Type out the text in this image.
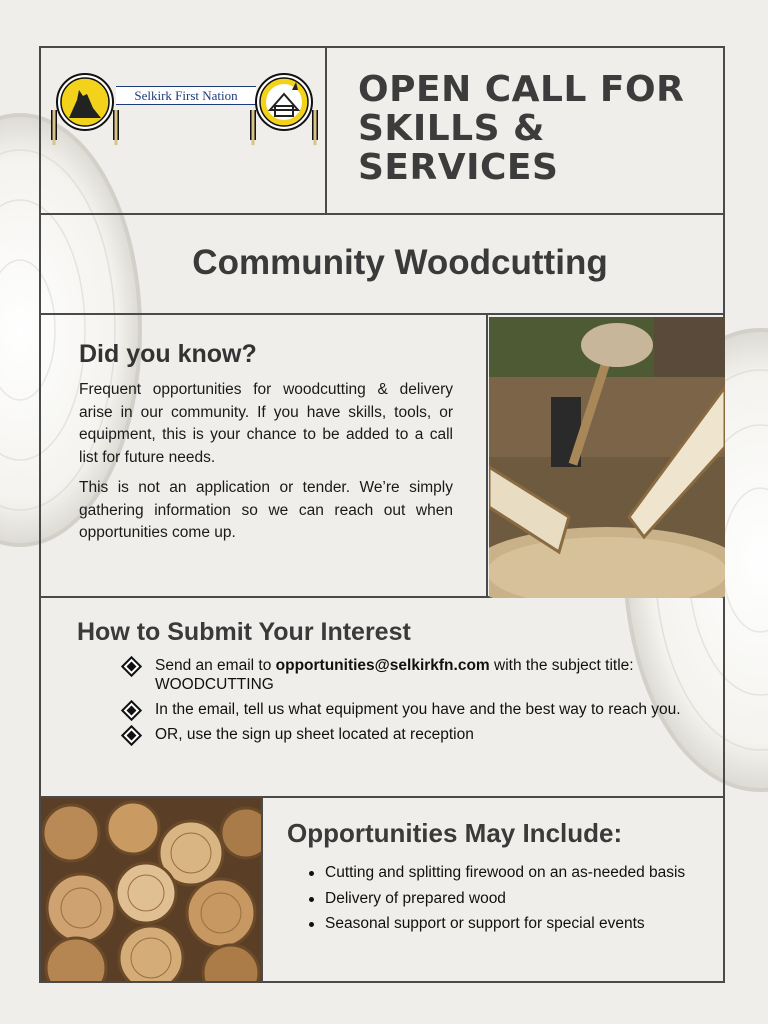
Selkirk First Nation	OPEN CALL FOR
SKILLS &
SERVICES
Community Woodcutting
Did you know?

Frequent opportunities for woodcutting & delivery arise in our community. If you have skills, tools, or equipment, this is your chance to be added to a call list for future needs.

This is not an application or tender. We’re simply gathering information so we can reach out when opportunities come up.

How to Submit Your Interest
Send an email to opportunities@selkirkfn.com with the subject title: WOODCUTTING
In the email, tell us what equipment you have and the best way to reach you.
OR, use the sign up sheet located at reception
Opportunities May Include:
Cutting and splitting firewood on an as-needed basis
Delivery of prepared wood
Seasonal support or support for special events
